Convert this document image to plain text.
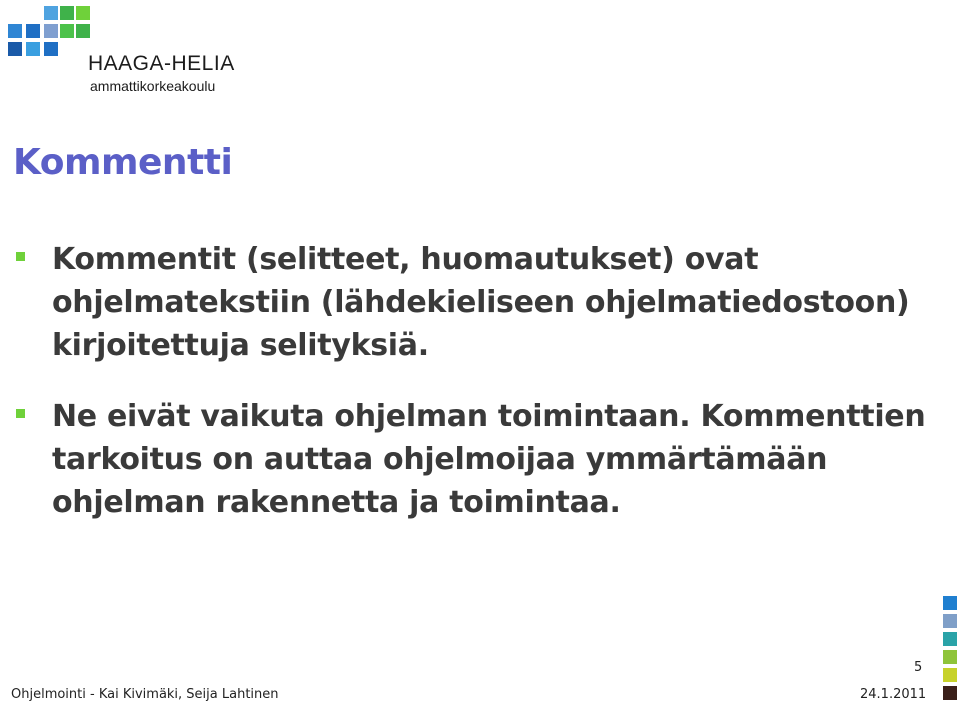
HAAGA-HELIA
ammattikorkeakoulu
Kommentti
Kommentit (selitteet, huomautukset) ovat ohjelmatekstiin (lähdekieliseen ohjelmatiedostoon) kirjoitettuja selityksiä.
Ne eivät vaikuta ohjelman toimintaan. Kommenttien tarkoitus on auttaa ohjelmoijaa ymmärtämään ohjelman rakennetta ja toimintaa.
5
Ohjelmointi - Kai Kivimäki, Seija Lahtinen	24.1.2011
